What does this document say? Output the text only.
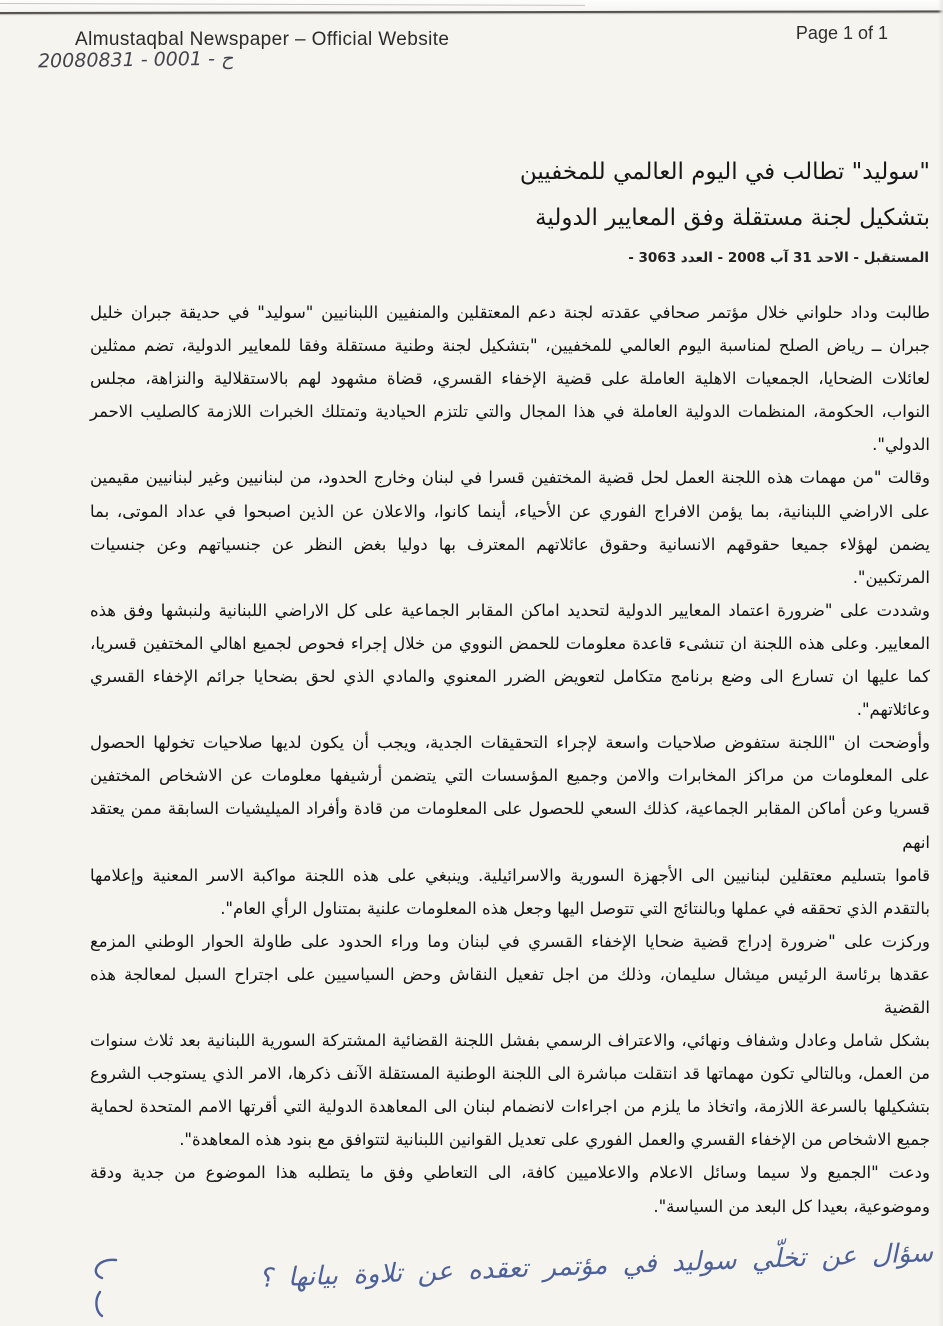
Almustaqbal Newspaper – Official Website	Page 1 of 1
20080831 - 0001 - ح
"سوليد" تطالب في اليوم العالمي للمخفيين
بتشكيل لجنة مستقلة وفق المعايير الدولية
المستقبل - الاحد 31 آب 2008 - العدد 3063 -
طالبت وداد حلواني خلال مؤتمر صحافي عقدته لجنة دعم المعتقلين والمنفيين اللبنانيين "سوليد" في حديقة جبران خليل
جبران ــ رياض الصلح لمناسبة اليوم العالمي للمخفيين، "بتشكيل لجنة وطنية مستقلة وفقا للمعايير الدولية، تضم ممثلين
لعائلات الضحايا، الجمعيات الاهلية العاملة على قضية الإخفاء القسري، قضاة مشهود لهم بالاستقلالية والنزاهة، مجلس
النواب، الحكومة، المنظمات الدولية العاملة في هذا المجال والتي تلتزم الحيادية وتمتلك الخبرات اللازمة كالصليب الاحمر
الدولي".
وقالت "من مهمات هذه اللجنة العمل لحل قضية المختفين قسرا في لبنان وخارج الحدود، من لبنانيين وغير لبنانيين مقيمين
على الاراضي اللبنانية، بما يؤمن الافراج الفوري عن الأحياء، أينما كانوا، والاعلان عن الذين اصبحوا في عداد الموتى، بما
يضمن لهؤلاء جميعا حقوقهم الانسانية وحقوق عائلاتهم المعترف بها دوليا بغض النظر عن جنسياتهم وعن جنسيات
المرتكبين".
وشددت على "ضرورة اعتماد المعايير الدولية لتحديد اماكن المقابر الجماعية على كل الاراضي اللبنانية ولنبشها وفق هذه
المعايير. وعلى هذه اللجنة ان تنشىء قاعدة معلومات للحمض النووي من خلال إجراء فحوص لجميع اهالي المختفين قسريا،
كما عليها ان تسارع الى وضع برنامج متكامل لتعويض الضرر المعنوي والمادي الذي لحق بضحايا جرائم الإخفاء القسري
وعائلاتهم".
وأوضحت ان "اللجنة ستفوض صلاحيات واسعة لإجراء التحقيقات الجدية، ويجب أن يكون لديها صلاحيات تخولها الحصول
على المعلومات من مراكز المخابرات والامن وجميع المؤسسات التي يتضمن أرشيفها معلومات عن الاشخاص المختفين
قسريا وعن أماكن المقابر الجماعية، كذلك السعي للحصول على المعلومات من قادة وأفراد الميليشيات السابقة ممن يعتقد انهم
قاموا بتسليم معتقلين لبنانيين الى الأجهزة السورية والاسرائيلية. وينبغي على هذه اللجنة مواكبة الاسر المعنية وإعلامها
بالتقدم الذي تحققه في عملها وبالنتائج التي تتوصل اليها وجعل هذه المعلومات علنية بمتناول الرأي العام".
وركزت على "ضرورة إدراج قضية ضحايا الإخفاء القسري في لبنان وما وراء الحدود على طاولة الحوار الوطني المزمع
عقدها برئاسة الرئيس ميشال سليمان، وذلك من اجل تفعيل النقاش وحض السياسيين على اجتراح السبل لمعالجة هذه القضية
بشكل شامل وعادل وشفاف ونهائي، والاعتراف الرسمي بفشل اللجنة القضائية المشتركة السورية اللبنانية بعد ثلاث سنوات
من العمل، وبالتالي تكون مهماتها قد انتقلت مباشرة الى اللجنة الوطنية المستقلة الآنف ذكرها، الامر الذي يستوجب الشروع
بتشكيلها بالسرعة اللازمة، واتخاذ ما يلزم من اجراءات لانضمام لبنان الى المعاهدة الدولية التي أقرتها الامم المتحدة لحماية
جميع الاشخاص من الإخفاء القسري والعمل الفوري على تعديل القوانين اللبنانية لتتوافق مع بنود هذه المعاهدة".
ودعت "الجميع ولا سيما وسائل الاعلام والاعلاميين كافة، الى التعاطي وفق ما يتطلبه هذا الموضوع من جدية ودقة
وموضوعية، بعيدا كل البعد من السياسة".
سؤال عن تخلّي سوليد في مؤتمر تعقده عن تلاوة بيانها ؟
